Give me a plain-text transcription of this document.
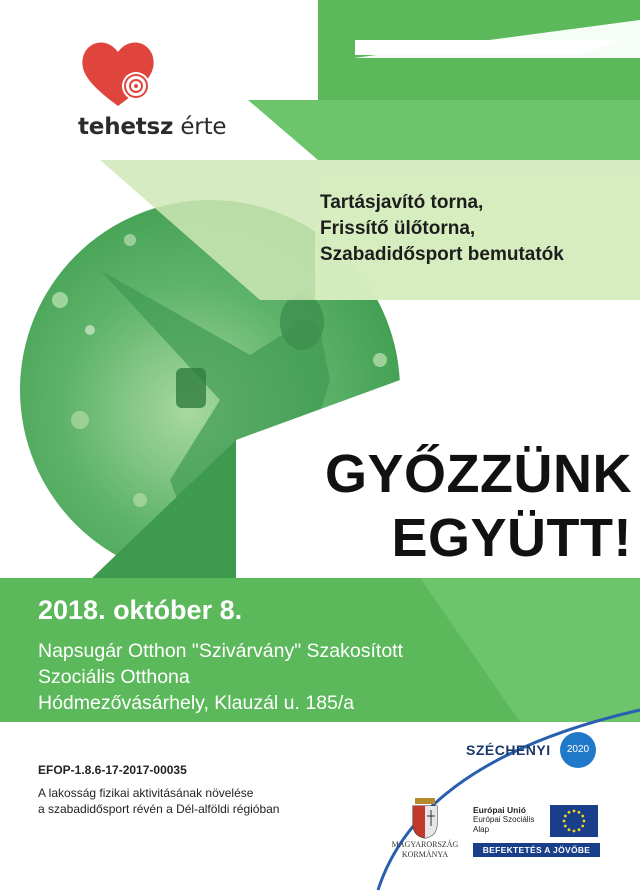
tehetsz érte
Tartásjavító torna,
Frissítő ülőtorna,
Szabadidősport bemutatók
GYŐZZÜNK
EGYÜTT!
2018. október 8.
Napsugár Otthon "Szivárvány" Szakosított
Szociális Otthona
Hódmezővásárhely, Klauzál u. 185/a
EFOP-1.8.6-17-2017-00035
A lakosság fizikai aktivitásának növelése
a szabadidősport révén a Dél-alföldi régióban
SZÉCHENYI	2020
MAGYARORSZÁG
KORMÁNYA
Európai Unió
Európai Szociális
Alap
BEFEKTETÉS A JÖVŐBE
